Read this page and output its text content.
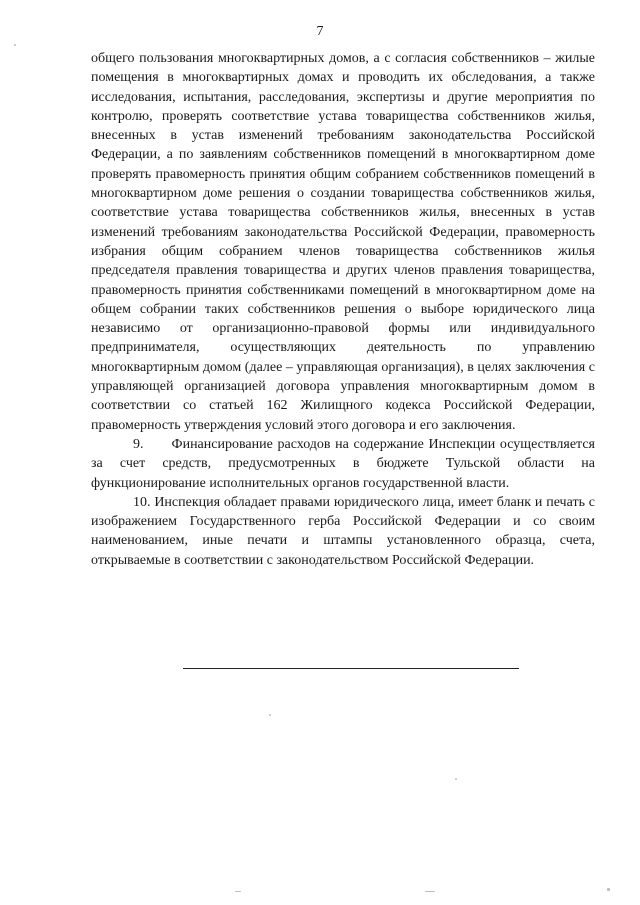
7

общего пользования многоквартирных домов, а с согласия собственников – жилые помещения в многоквартирных домах и проводить их обследования, а также исследования, испытания, расследования, экспертизы и другие мероприятия по контролю, проверять соответствие устава товарищества собственников жилья, внесенных в устав изменений требованиям законодательства Российской Федерации, а по заявлениям собственников помещений в многоквартирном доме проверять правомерность принятия общим собранием собственников помещений в многоквартирном доме решения о создании товарищества собственников жилья, соответствие устава товарищества собственников жилья, внесенных в устав изменений требованиям законодательства Российской Федерации, правомерность избрания общим собранием членов товарищества собственников жилья председателя правления товарищества и других членов правления товарищества, правомерность принятия собственниками помещений в многоквартирном доме на общем собрании таких собственников решения о выборе юридического лица независимо от организационно-правовой формы или индивидуального предпринимателя, осуществляющих деятельность по управлению многоквартирным домом (далее – управляющая организация), в целях заключения с управляющей организацией договора управления многоквартирным домом в соответствии со статьей 162 Жилищного кодекса Российской Федерации, правомерность утверждения условий этого договора и его заключения.

9.      Финансирование расходов на содержание Инспекции осуществляется за счет средств, предусмотренных в бюджете Тульской области на функционирование исполнительных органов государственной власти.

10. Инспекция обладает правами юридического лица, имеет бланк и печать с изображением Государственного герба Российской Федерации и со своим наименованием, иные печати и штампы установленного образца, счета, открываемые в соответствии с законодательством Российской Федерации.
